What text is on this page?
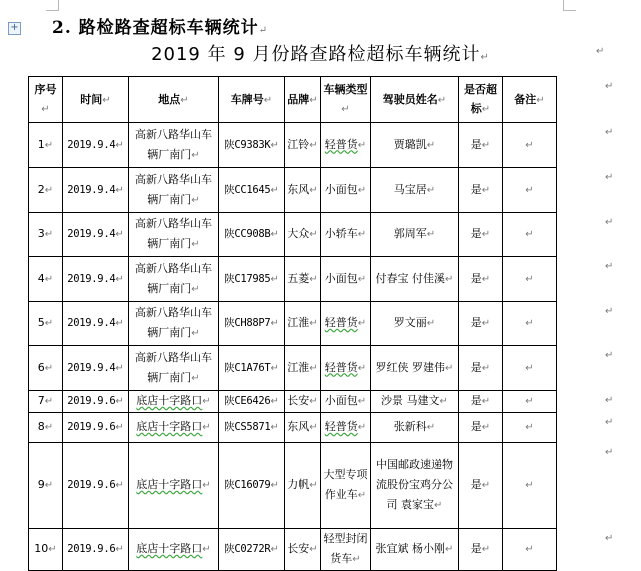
+ 2. 路检路查超标车辆统计↵
2019 年 9 月份路查路检超标车辆统计↵
↵
序号↵	时间↵	地点↵	车牌号↵	品牌↵	车辆类型↵	驾驶员姓名↵	是否超标↵	备注↵
1↵	2019.9.4↵	高新八路华山车辆厂南门↵	陕C9383K↵	江铃↵	轻普货↵	贾璐凯↵	是↵	↵
2↵	2019.9.4↵	高新八路华山车辆厂南门↵	陕CC1645↵	东风↵	小面包↵	马宝居↵	是↵	↵
3↵	2019.9.4↵	高新八路华山车辆厂南门↵	陕CC908B↵	大众↵	小轿车↵	郭周军↵	是↵	↵
4↵	2019.9.4↵	高新八路华山车辆厂南门↵	陕C17985↵	五菱↵	小面包↵	付春宝 付佳溪↵	是↵	↵
5↵	2019.9.4↵	高新八路华山车辆厂南门↵	陕CH88P7↵	江淮↵	轻普货↵	罗文丽↵	是↵	↵
6↵	2019.9.4↵	高新八路华山车辆厂南门↵	陕C1A76T↵	江淮↵	轻普货↵	罗红侠 罗建伟↵	是↵	↵
7↵	2019.9.6↵	底店十字路口↵	陕CE6426↵	长安↵	小面包↵	沙景 马建文↵	是↵	↵
8↵	2019.9.6↵	底店十字路口↵	陕CS5871↵	东风↵	轻普货↵	张新科↵	是↵	↵
9↵	2019.9.6↵	底店十字路口↵	陕C16079↵	力帆↵	大型专项作业车↵	中国邮政速递物流股份宝鸡分公司 袁家宝↵	是↵	↵
10↵	2019.9.6↵	底店十字路口↵	陕C0272R↵	长安↵	轻型封闭货车↵	张宜斌 杨小刚↵	是↵	↵
↵
↵
↵
↵
↵
↵
↵
↵
↵
↵
↵
